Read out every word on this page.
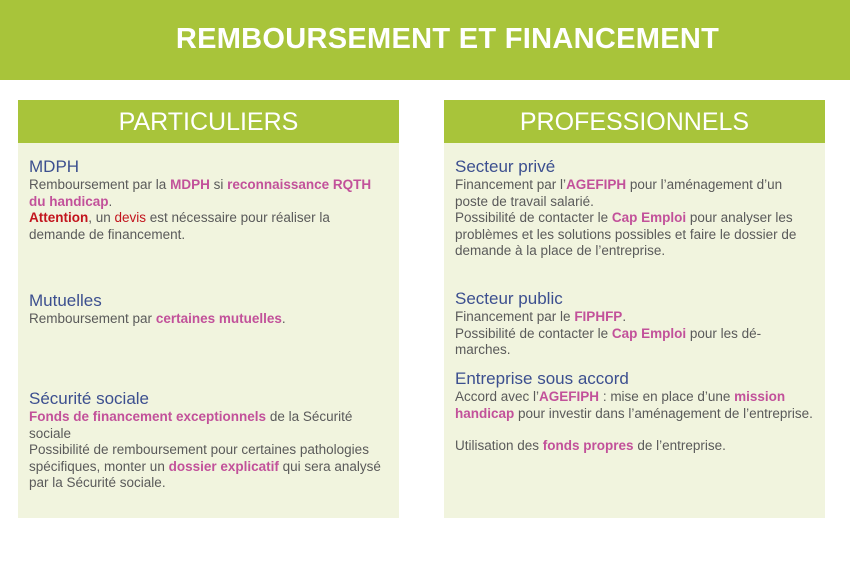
REMBOURSEMENT ET FINANCEMENT
PARTICULIERS
MDPH

Remboursement par la MDPH si reconnaissance RQTH du handicap.

Attention, un devis est nécessaire pour réaliser la demande de financement.

Mutuelles

Remboursement par certaines mutuelles.

Sécurité sociale

Fonds de financement exceptionnels de la Sécurité sociale

Possibilité de remboursement pour certaines pathologies spécifiques, monter un dossier explicatif qui sera analysé par la Sécurité sociale.

PROFESSIONNELS
Secteur privé

Financement par l’AGEFIPH pour l’aménagement d’un poste de travail salarié.

Possibilité de contacter le Cap Emploi pour analyser les problèmes et les solutions possibles et faire le dossier de demande à la place de l’entreprise.

Secteur public

Financement par le FIPHFP.

Possibilité de contacter le Cap Emploi pour les dé-marches.

Entreprise sous accord

Accord avec l’AGEFIPH : mise en place d’une mission handicap pour investir dans l’aménagement de l’entreprise.

Utilisation des fonds propres de l’entreprise.
